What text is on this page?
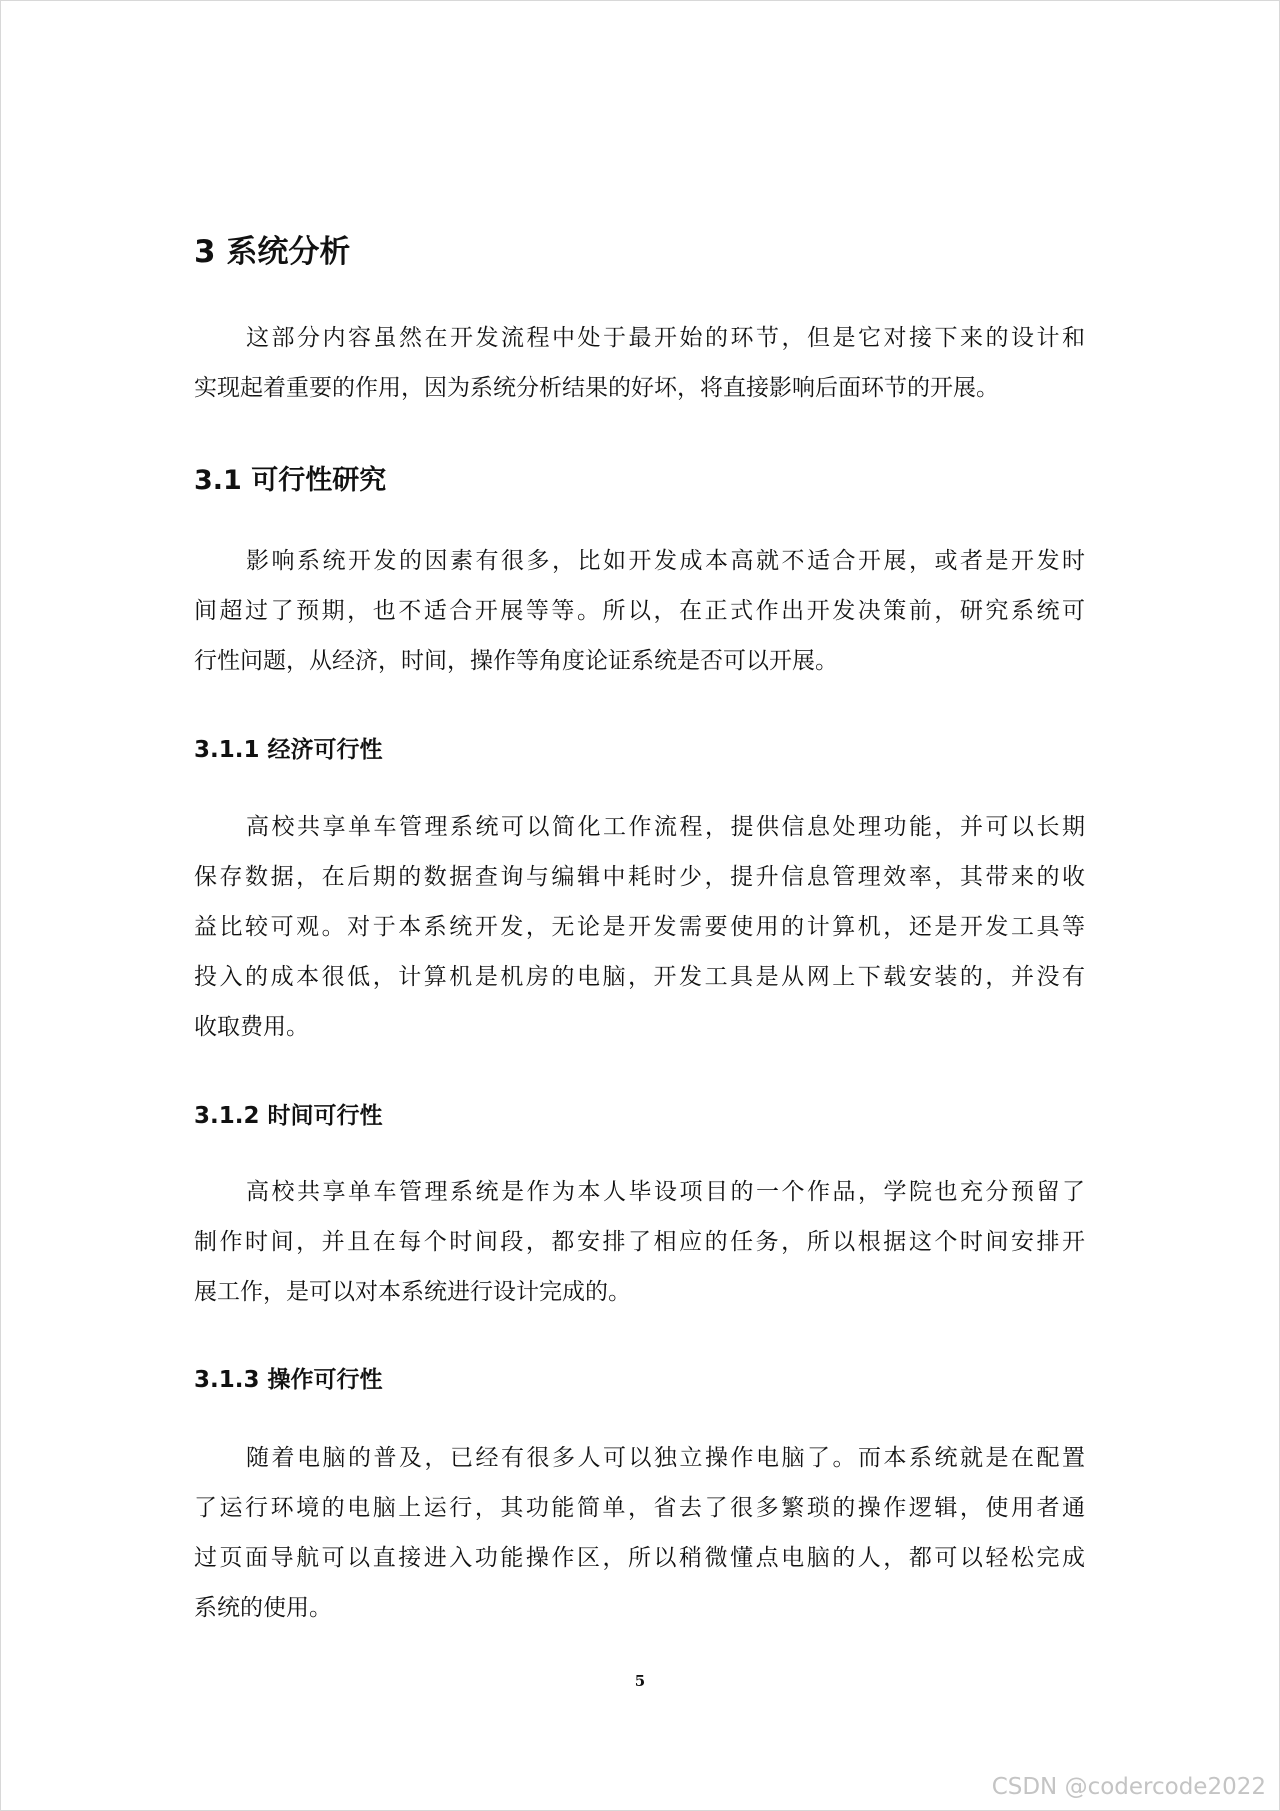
3 系统分析
这部分内容虽然在开发流程中处于最开始的环节，但是它对接下来的设计和
实现起着重要的作用，因为系统分析结果的好坏，将直接影响后面环节的开展。
3.1 可行性研究
影响系统开发的因素有很多，比如开发成本高就不适合开展，或者是开发时
间超过了预期，也不适合开展等等。所以，在正式作出开发决策前，研究系统可
行性问题，从经济，时间，操作等角度论证系统是否可以开展。
3.1.1 经济可行性
高校共享单车管理系统可以简化工作流程，提供信息处理功能，并可以长期
保存数据，在后期的数据查询与编辑中耗时少，提升信息管理效率，其带来的收
益比较可观。对于本系统开发，无论是开发需要使用的计算机，还是开发工具等
投入的成本很低，计算机是机房的电脑，开发工具是从网上下载安装的，并没有
收取费用。
3.1.2 时间可行性
高校共享单车管理系统是作为本人毕设项目的一个作品，学院也充分预留了
制作时间，并且在每个时间段，都安排了相应的任务，所以根据这个时间安排开
展工作，是可以对本系统进行设计完成的。
3.1.3 操作可行性
随着电脑的普及，已经有很多人可以独立操作电脑了。而本系统就是在配置
了运行环境的电脑上运行，其功能简单，省去了很多繁琐的操作逻辑，使用者通
过页面导航可以直接进入功能操作区，所以稍微懂点电脑的人，都可以轻松完成
系统的使用。
5
CSDN @codercode2022
